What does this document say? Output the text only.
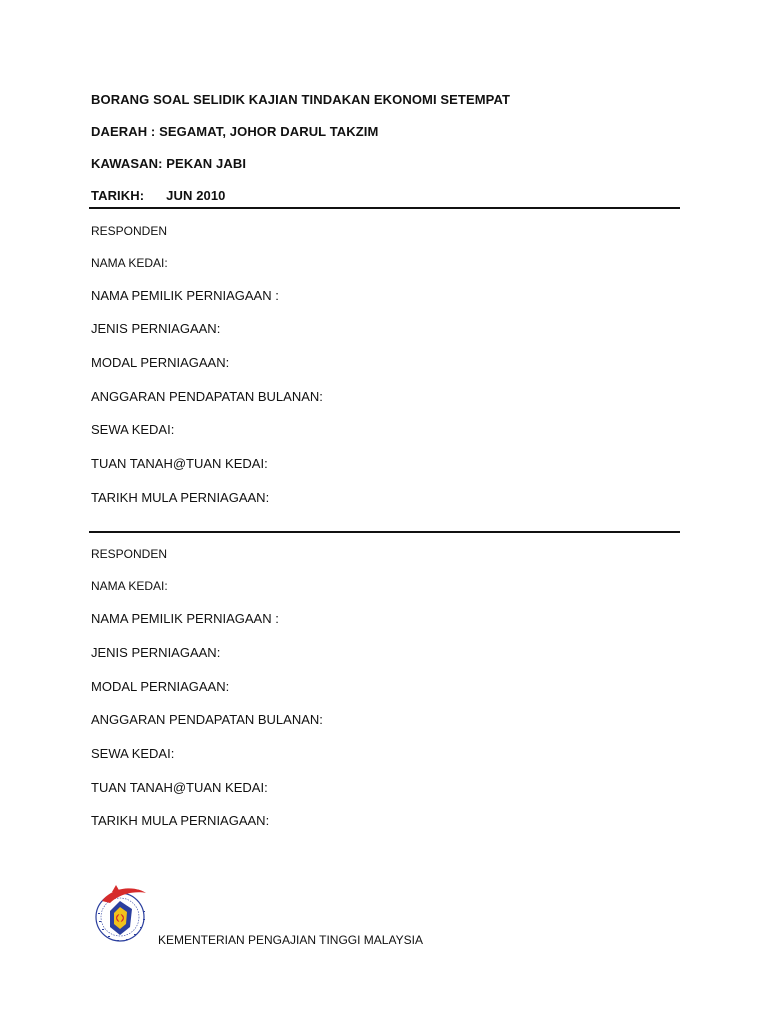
BORANG SOAL SELIDIK KAJIAN TINDAKAN EKONOMI SETEMPAT
DAERAH : SEGAMAT, JOHOR DARUL TAKZIM
KAWASAN: PEKAN JABI
TARIKH: JUN 2010
RESPONDEN
NAMA KEDAI:
NAMA PEMILIK PERNIAGAAN :
JENIS PERNIAGAAN:
MODAL PERNIAGAAN:
ANGGARAN PENDAPATAN BULANAN:
SEWA KEDAI:
TUAN TANAH@TUAN KEDAI:
TARIKH MULA PERNIAGAAN:
RESPONDEN
NAMA KEDAI:
NAMA PEMILIK PERNIAGAAN :
JENIS PERNIAGAAN:
MODAL PERNIAGAAN:
ANGGARAN PENDAPATAN BULANAN:
SEWA KEDAI:
TUAN TANAH@TUAN KEDAI:
TARIKH MULA PERNIAGAAN:
KEMENTERIAN PENGAJIAN TINGGI MALAYSIA
